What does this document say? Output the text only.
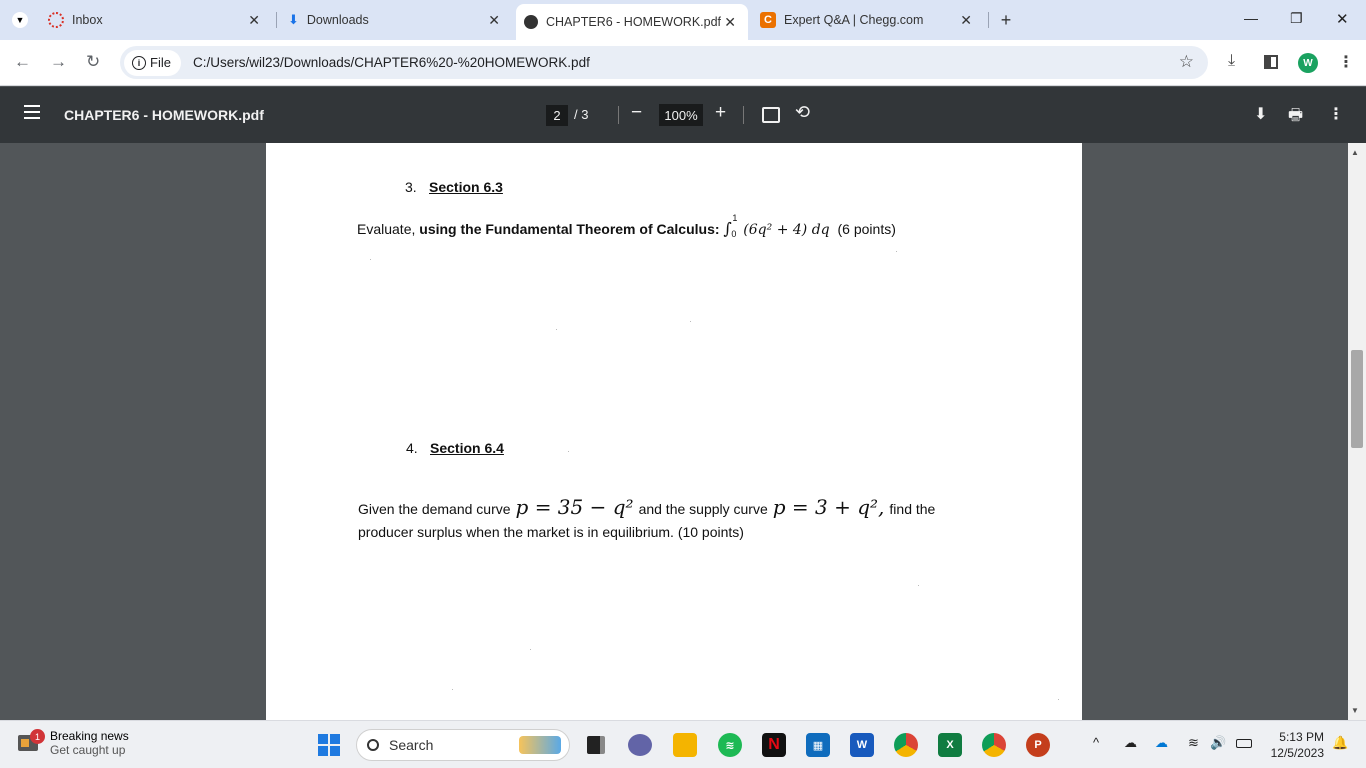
▼	Inbox	✕ ⬇ Downloads	✕	CHAPTER6 - HOMEWORK.pdf ✕	C Expert Q&A | Chegg.com	✕ +	— ❐ ✕
← → ↻	i File C:/Users/wil23/Downloads/CHAPTER6%20-%20HOMEWORK.pdf	☆ ⤓	W	⋮
CHAPTER6 - HOMEWORK.pdf	2	/ 3 −	100% +	⟲	⬇ 🖶 ⋮
3. Section 6.3
Evaluate, using the Fundamental Theorem of Calculus: ∫
1
0 (6q² + 4) dq (6 points)
4. Section 6.4
Given the demand curve p = 35 − q² and the supply curve p = 3 + q², find the
producer surplus when the market is in equilibrium. (10 points)
▲
▼
1 Breaking news
Get caught up	Search	≋	N	▦	W	X	P	^ ☁ ☁ ≋ 🔊	5:13 PM
12/5/2023
🔔
